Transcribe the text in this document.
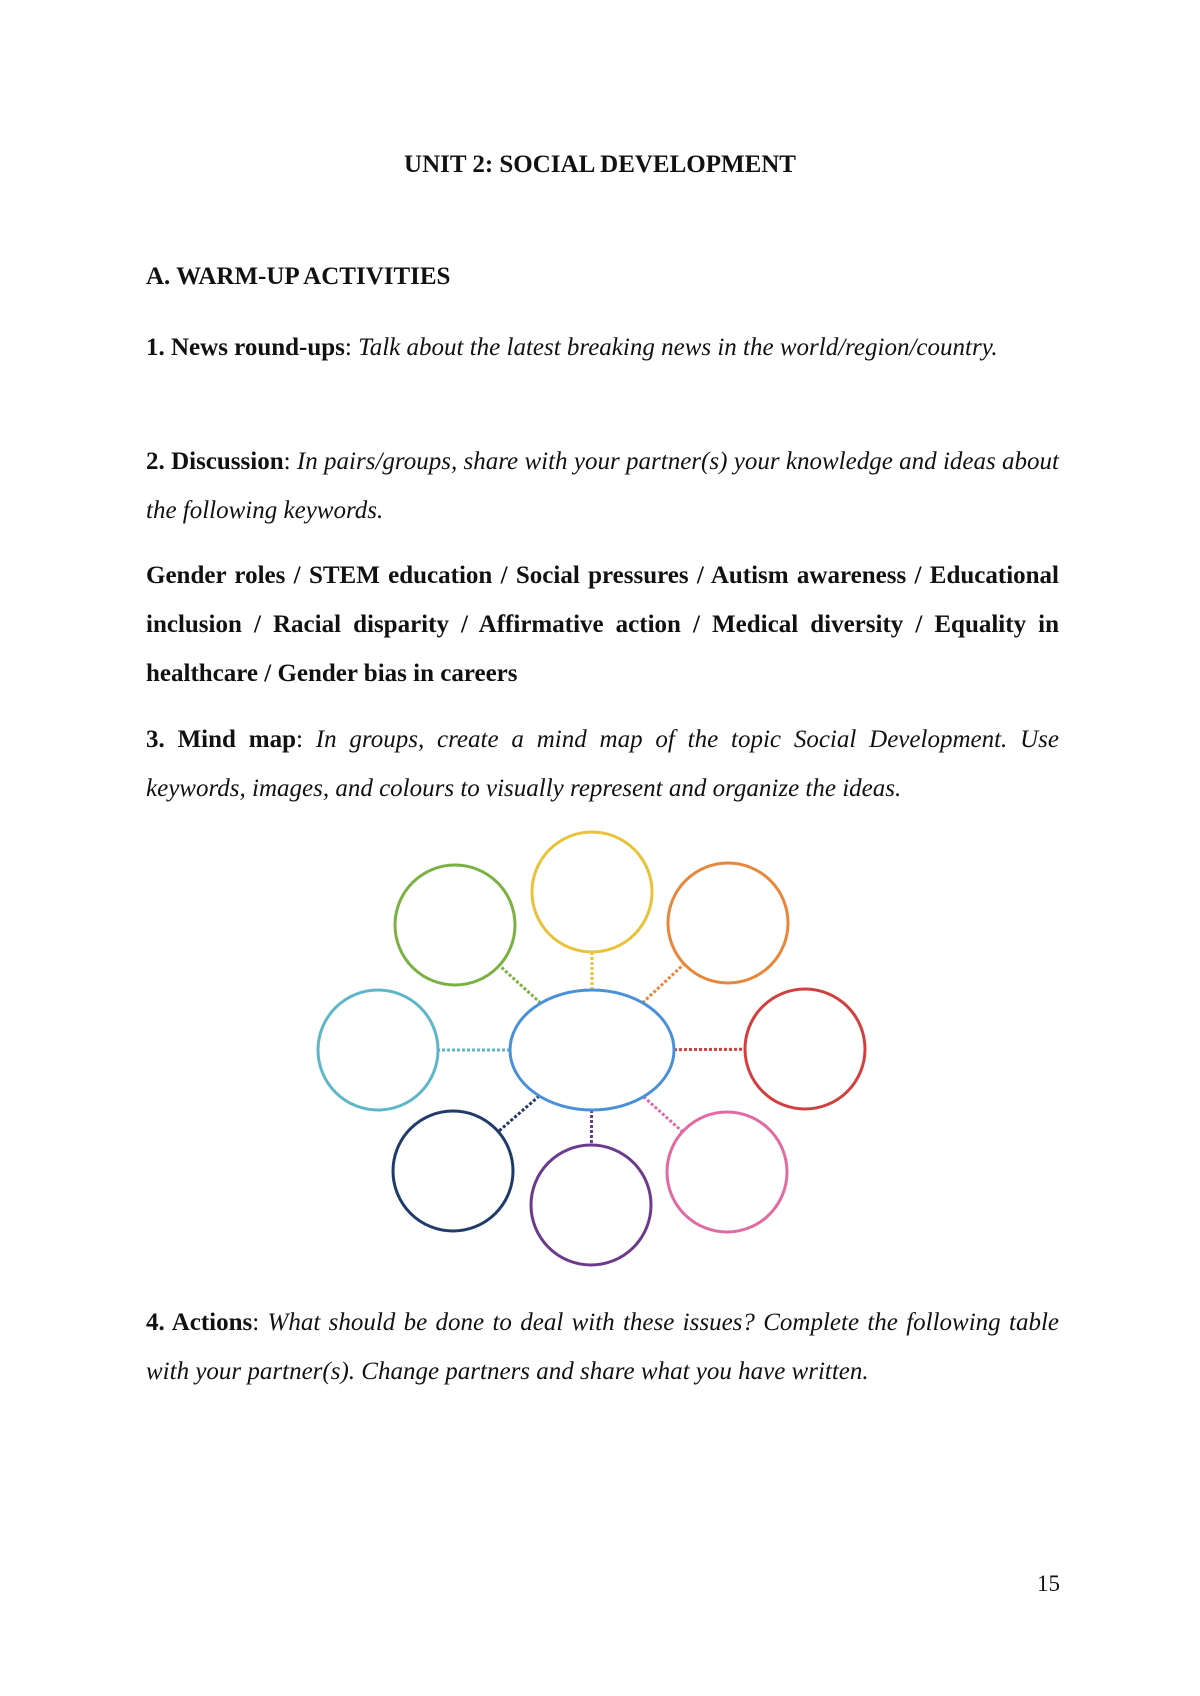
UNIT 2: SOCIAL DEVELOPMENT
A. WARM-UP ACTIVITIES
1. News round-ups: Talk about the latest breaking news in the world/region/country.
2. Discussion: In pairs/groups, share with your partner(s) your knowledge and ideas about the following keywords.
Gender roles / STEM education / Social pressures / Autism awareness / Educational inclusion / Racial disparity / Affirmative action / Medical diversity / Equality in healthcare / Gender bias in careers
3. Mind map: In groups, create a mind map of the topic Social Development. Use keywords, images, and colours to visually represent and organize the ideas.
4. Actions: What should be done to deal with these issues? Complete the following table with your partner(s). Change partners and share what you have written.
15
